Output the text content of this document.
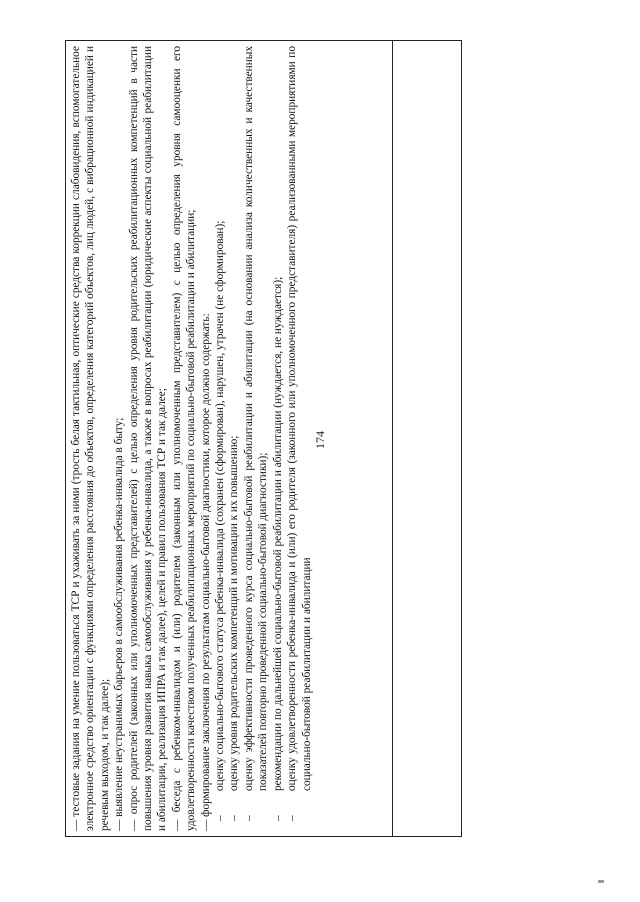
174

— тестовые задания на умение пользоваться ТСР и ухаживать за ними (трость белая тактильная, оптические средства коррекции слабовидения, вспомогательное электронное средство ориентации с функциями определения расстояния до объектов, определения категорий объектов, лиц людей, с вибрационной индикацией и речевым выходом, и так далее); — выявление неустранимых барьеров в самообслуживания ребенка-инвалида в быту; — опрос родителей (законных или уполномоченных представителей) с целью определения уровня родительских реабилитационных компетенций в части повышения уровня развития навыка самообслуживания у ребенка-инвалида, а также в вопросах реабилитации (юридические аспекты социальной реабилитации и абилитации, реализация ИПРА и так далее), целей и правил пользования ТСР и так далее; — беседа с ребенком-инвалидом и (или) родителем (законным или уполномоченным представителем) с целью определения уровня самооценки его удовлетворенности качеством полученных реабилитационных мероприятий по социально-бытовой реабилитации и абилитации; — формирование заключения по результатам социально-бытовой диагностики, которое должно содержать: – оценку социально-бытового статуса ребенка-инвалида (сохранен (сформирован), нарушен, утрачен (не сформирован); – оценку уровня родительских компетенций и мотивации к их повышению; – оценку эффективности проведенного курса социально-бытовой реабилитации и абилитации (на основании анализа количественных и качественных показателей повторно проведенной социально-бытовой диагностики); – рекомендации по дальнейшей социально-бытовой реабилитации и абилитации (нуждается, не нуждается); – оценку удовлетворенности ребенка-инвалида и (или) его родителя (законного или уполномоченного представителя) реализованными мероприятиями по социально-бытовой реабилитации и абилитации
